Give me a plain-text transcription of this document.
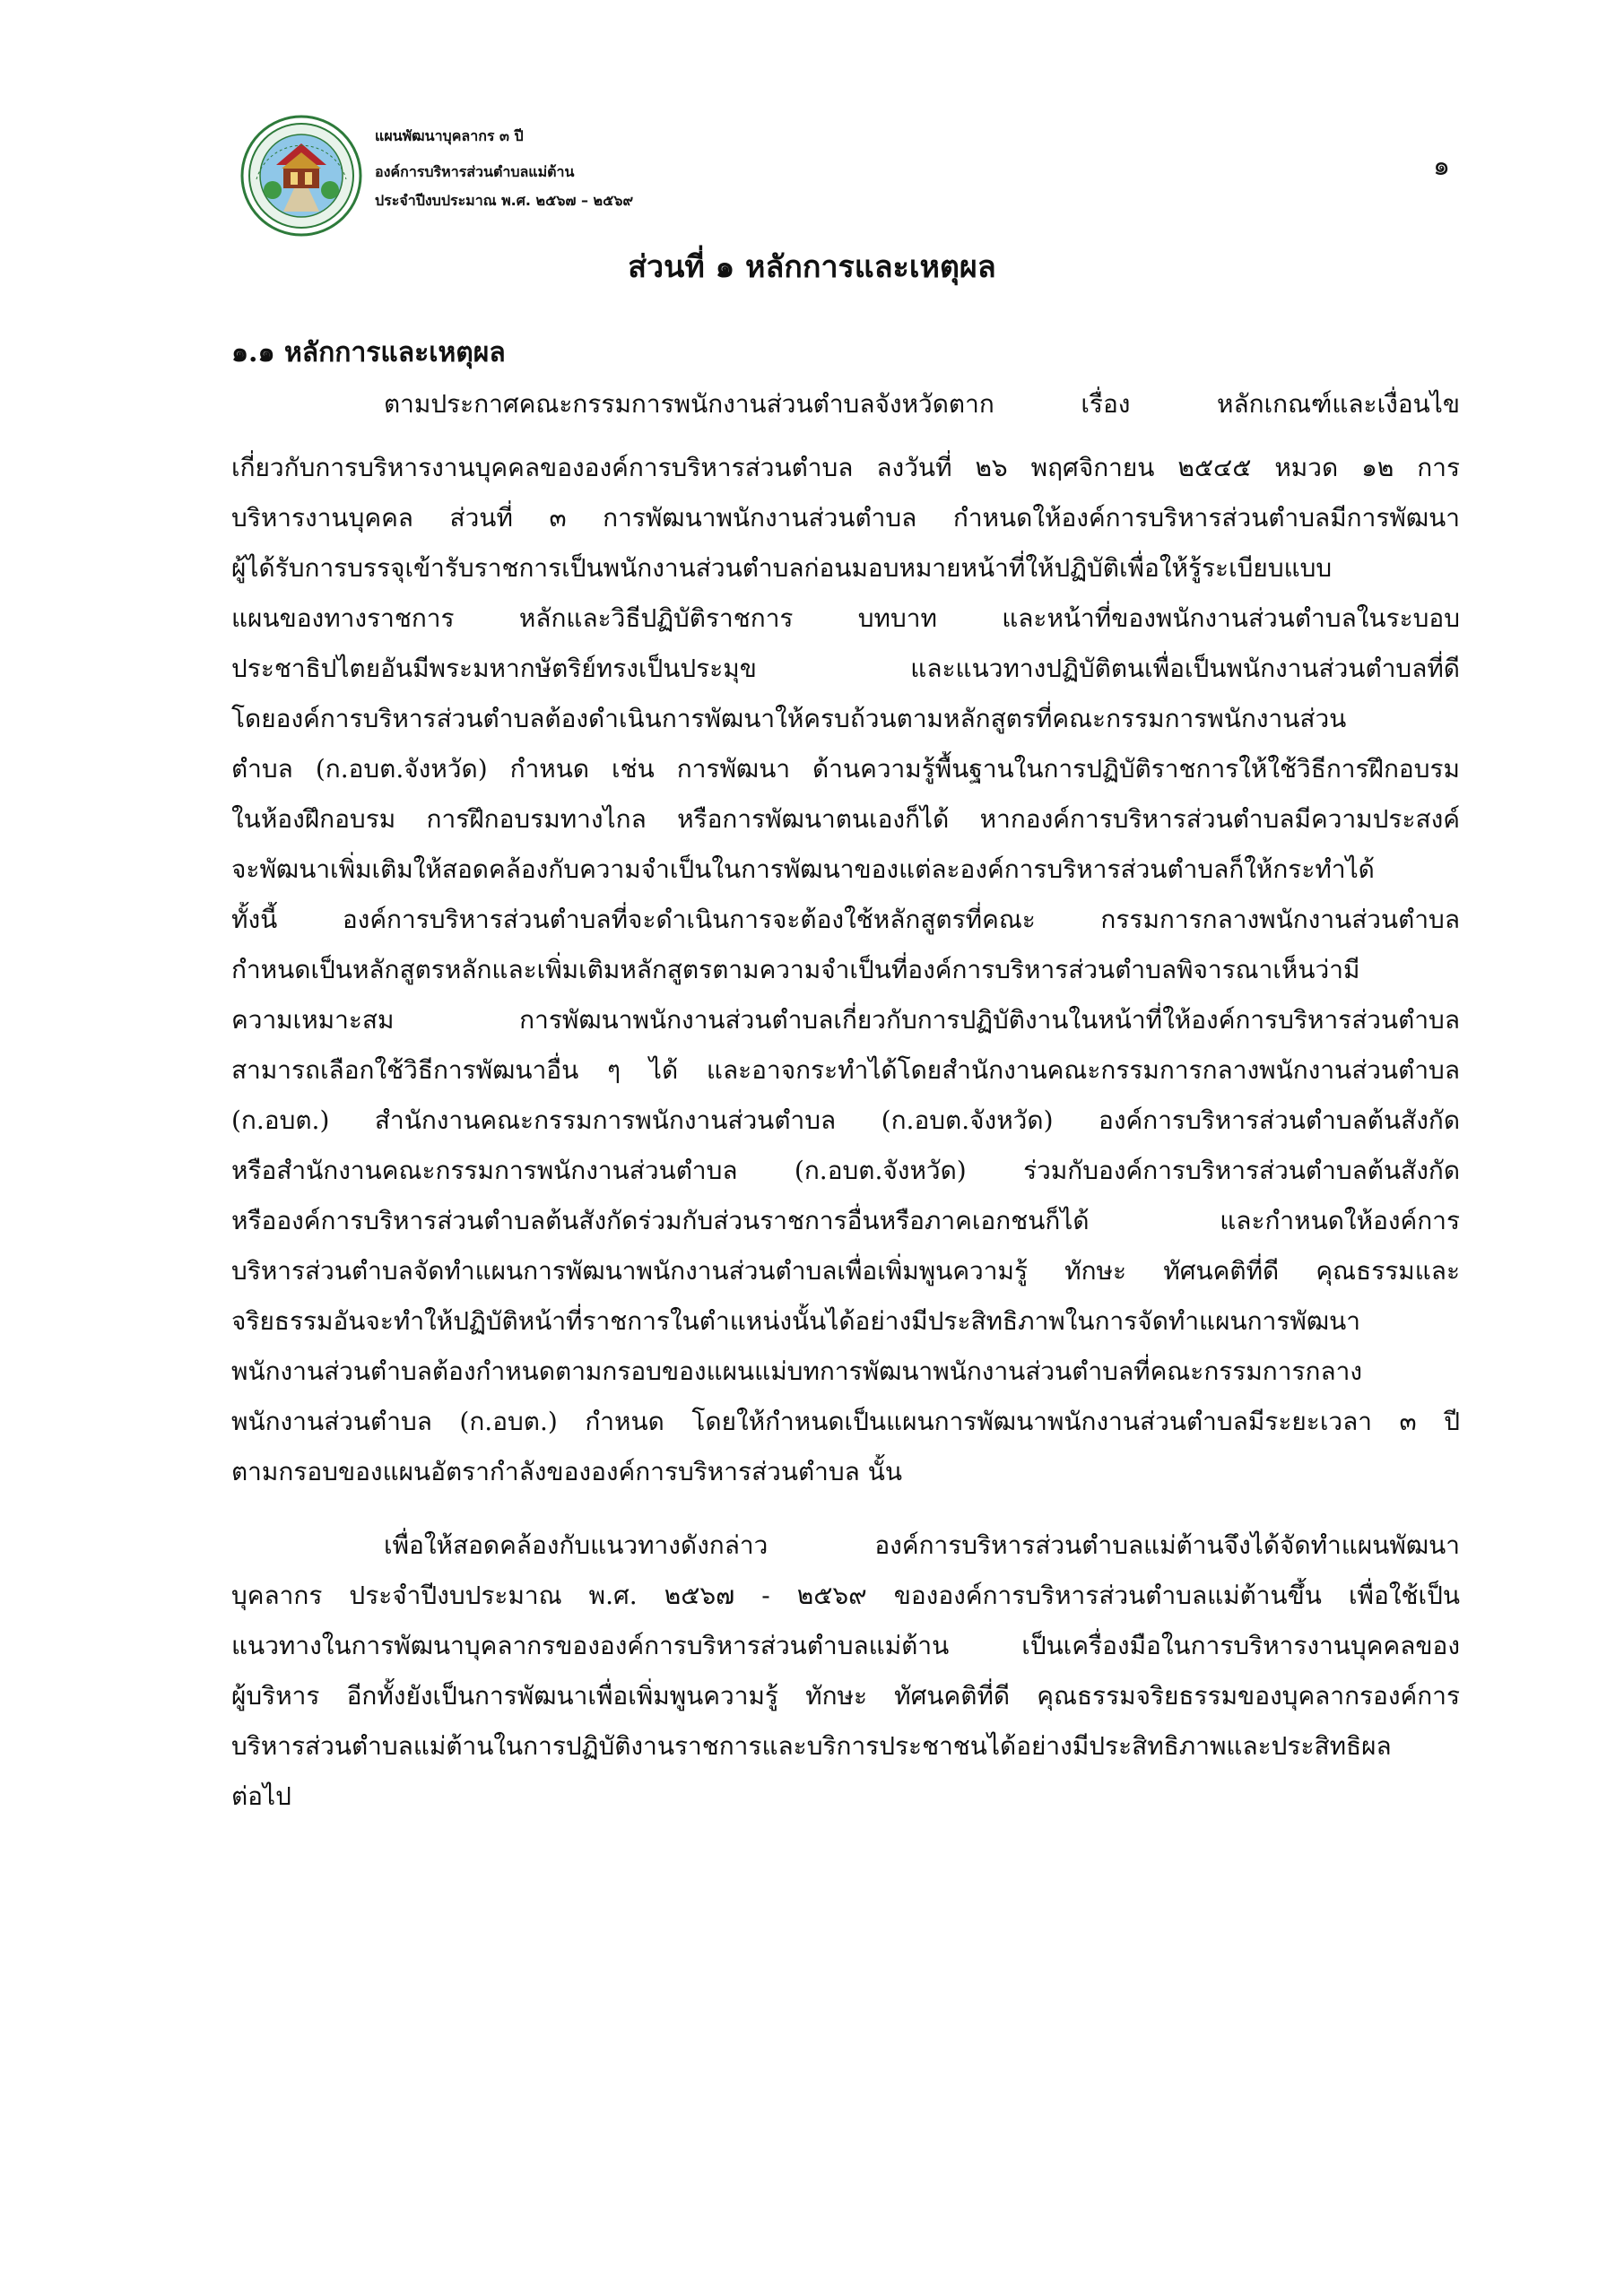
แผนพัฒนาบุคลากร ๓ ปี
องค์การบริหารส่วนตำบลแม่ต้าน
ประจำปีงบประมาณ พ.ศ. ๒๕๖๗ – ๒๕๖๙
๑
ส่วนที่ ๑ หลักการและเหตุผล
๑.๑ หลักการและเหตุผล
ตามประกาศคณะกรรมการพนักงานส่วนตำบลจังหวัดตาก เรื่อง หลักเกณฑ์และเงื่อนไข
เกี่ยวกับการบริหารงานบุคคลขององค์การบริหารส่วนตำบล ลงวันที่ ๒๖ พฤศจิกายน ๒๕๔๕ หมวด ๑๒ การ
บริหารงานบุคคล ส่วนที่ ๓ การพัฒนาพนักงานส่วนตำบล กำหนดให้องค์การบริหารส่วนตำบลมีการพัฒนา
ผู้ได้รับการบรรจุเข้ารับราชการเป็นพนักงานส่วนตำบลก่อนมอบหมายหน้าที่ให้ปฏิบัติเพื่อให้รู้ระเบียบแบบ
แผนของทางราชการ หลักและวิธีปฏิบัติราชการ บทบาท และหน้าที่ของพนักงานส่วนตำบลในระบอบ
ประชาธิปไตยอันมีพระมหากษัตริย์ทรงเป็นประมุข และแนวทางปฏิบัติตนเพื่อเป็นพนักงานส่วนตำบลที่ดี
โดยองค์การบริหารส่วนตำบลต้องดำเนินการพัฒนาให้ครบถ้วนตามหลักสูตรที่คณะกรรมการพนักงานส่วน
ตำบล (ก.อบต.จังหวัด) กำหนด เช่น การพัฒนา ด้านความรู้พื้นฐานในการปฏิบัติราชการให้ใช้วิธีการฝึกอบรม
ในห้องฝึกอบรม การฝึกอบรมทางไกล หรือการพัฒนาตนเองก็ได้ หากองค์การบริหารส่วนตำบลมีความประสงค์
จะพัฒนาเพิ่มเติมให้สอดคล้องกับความจำเป็นในการพัฒนาของแต่ละองค์การบริหารส่วนตำบลก็ให้กระทำได้
ทั้งนี้ องค์การบริหารส่วนตำบลที่จะดำเนินการจะต้องใช้หลักสูตรที่คณะ กรรมการกลางพนักงานส่วนตำบล
กำหนดเป็นหลักสูตรหลักและเพิ่มเติมหลักสูตรตามความจำเป็นที่องค์การบริหารส่วนตำบลพิจารณาเห็นว่ามี
ความเหมาะสม การพัฒนาพนักงานส่วนตำบลเกี่ยวกับการปฏิบัติงานในหน้าที่ให้องค์การบริหารส่วนตำบล
สามารถเลือกใช้วิธีการพัฒนาอื่น ๆ ได้ และอาจกระทำได้โดยสำนักงานคณะกรรมการกลางพนักงานส่วนตำบล
(ก.อบต.) สำนักงานคณะกรรมการพนักงานส่วนตำบล (ก.อบต.จังหวัด) องค์การบริหารส่วนตำบลต้นสังกัด
หรือสำนักงานคณะกรรมการพนักงานส่วนตำบล (ก.อบต.จังหวัด) ร่วมกับองค์การบริหารส่วนตำบลต้นสังกัด
หรือองค์การบริหารส่วนตำบลต้นสังกัดร่วมกับส่วนราชการอื่นหรือภาคเอกชนก็ได้ และกำหนดให้องค์การ
บริหารส่วนตำบลจัดทำแผนการพัฒนาพนักงานส่วนตำบลเพื่อเพิ่มพูนความรู้ ทักษะ ทัศนคติที่ดี คุณธรรมและ
จริยธรรมอันจะทำให้ปฏิบัติหน้าที่ราชการในตำแหน่งนั้นได้อย่างมีประสิทธิภาพในการจัดทำแผนการพัฒนา
พนักงานส่วนตำบลต้องกำหนดตามกรอบของแผนแม่บทการพัฒนาพนักงานส่วนตำบลที่คณะกรรมการกลาง
พนักงานส่วนตำบล (ก.อบต.) กำหนด โดยให้กำหนดเป็นแผนการพัฒนาพนักงานส่วนตำบลมีระยะเวลา ๓ ปี
ตามกรอบของแผนอัตรากำลังขององค์การบริหารส่วนตำบล นั้น
เพื่อให้สอดคล้องกับแนวทางดังกล่าว องค์การบริหารส่วนตำบลแม่ต้านจึงได้จัดทำแผนพัฒนา
บุคลากร ประจำปีงบประมาณ พ.ศ. ๒๕๖๗ - ๒๕๖๙ ขององค์การบริหารส่วนตำบลแม่ต้านขึ้น เพื่อใช้เป็น
แนวทางในการพัฒนาบุคลากรขององค์การบริหารส่วนตำบลแม่ต้าน เป็นเครื่องมือในการบริหารงานบุคคลของ
ผู้บริหาร อีกทั้งยังเป็นการพัฒนาเพื่อเพิ่มพูนความรู้ ทักษะ ทัศนคติที่ดี คุณธรรมจริยธรรมของบุคลากรองค์การ
บริหารส่วนตำบลแม่ต้านในการปฏิบัติงานราชการและบริการประชาชนได้อย่างมีประสิทธิภาพและประสิทธิผล
ต่อไป
